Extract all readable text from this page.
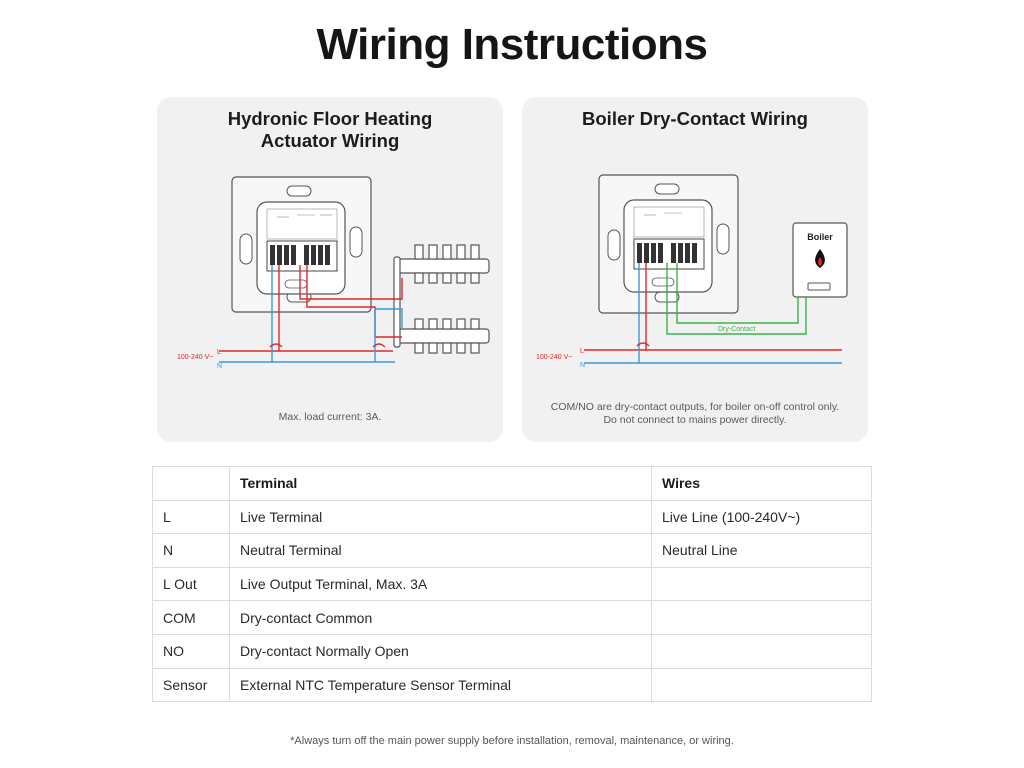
Wiring Instructions
Hydronic Floor Heating
Actuator Wiring
100-240 V~
L
N
Max. load current: 3A.
Boiler Dry-Contact Wiring
Boiler
Dry-Contact
100-240 V~
L
N
COM/NO are dry-contact outputs, for boiler on-off control only.
Do not connect to mains power directly.
	Terminal	Wires
L	Live Terminal	Live Line (100-240V~)
N	Neutral Terminal	Neutral Line
L Out	Live Output Terminal, Max. 3A	
COM	Dry-contact Common	
NO	Dry-contact Normally Open	
Sensor	External NTC Temperature Sensor Terminal	
*Always turn off the main power supply before installation, removal, maintenance, or wiring.
